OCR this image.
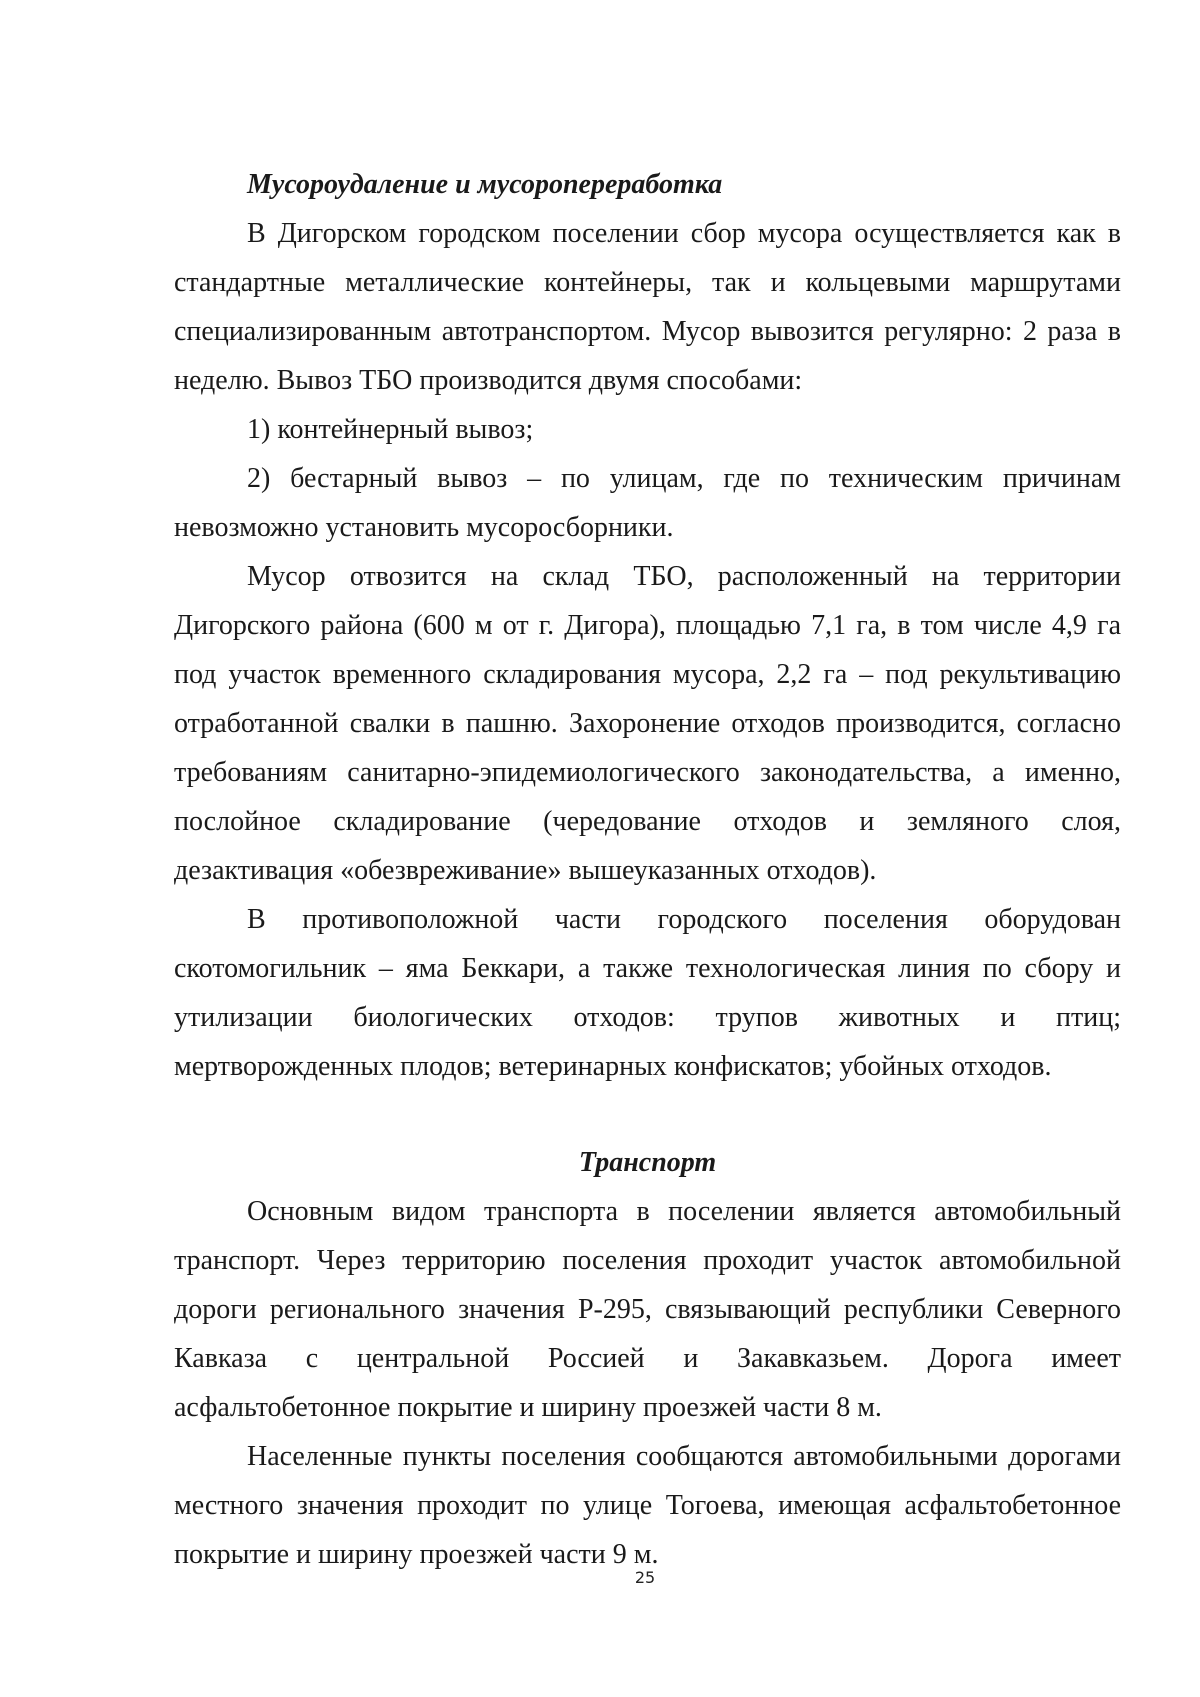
Мусороудаление и мусоропереработка

В Дигорском городском поселении сбор мусора осуществляется как в стандартные металлические контейнеры, так и кольцевыми маршрутами специализированным автотранспортом. Мусор вывозится регулярно: 2 раза в неделю. Вывоз ТБО производится двумя способами:

1) контейнерный вывоз;

2) бестарный вывоз – по улицам, где по техническим причинам невозможно установить мусоросборники.

Мусор отвозится на склад ТБО, расположенный на территории Дигорского района (600 м от г. Дигора), площадью 7,1 га, в том числе 4,9 га под участок временного складирования мусора, 2,2 га – под рекультивацию отработанной свалки в пашню. Захоронение отходов производится, согласно требованиям санитарно-эпидемиологического законодательства, а именно, послойное складирование (чередование отходов и земляного слоя, дезактивация «обезвреживание» вышеуказанных отходов).

В противоположной части городского поселения оборудован скотомогильник – яма Беккари, а также технологическая линия по сбору и утилизации биологических отходов: трупов животных и птиц; мертворожденных плодов; ветеринарных конфискатов; убойных отходов.

Транспорт

Основным видом транспорта в поселении является автомобильный транспорт. Через территорию поселения проходит участок автомобильной дороги регионального значения Р-295, связывающий республики Северного Кавказа с центральной Россией и Закавказьем. Дорога имеет асфальтобетонное покрытие и ширину проезжей части 8 м.

Населенные пункты поселения сообщаются автомобильными дорогами местного значения проходит по улице Тогоева, имеющая асфальтобетонное покрытие и ширину проезжей части 9 м.

25
